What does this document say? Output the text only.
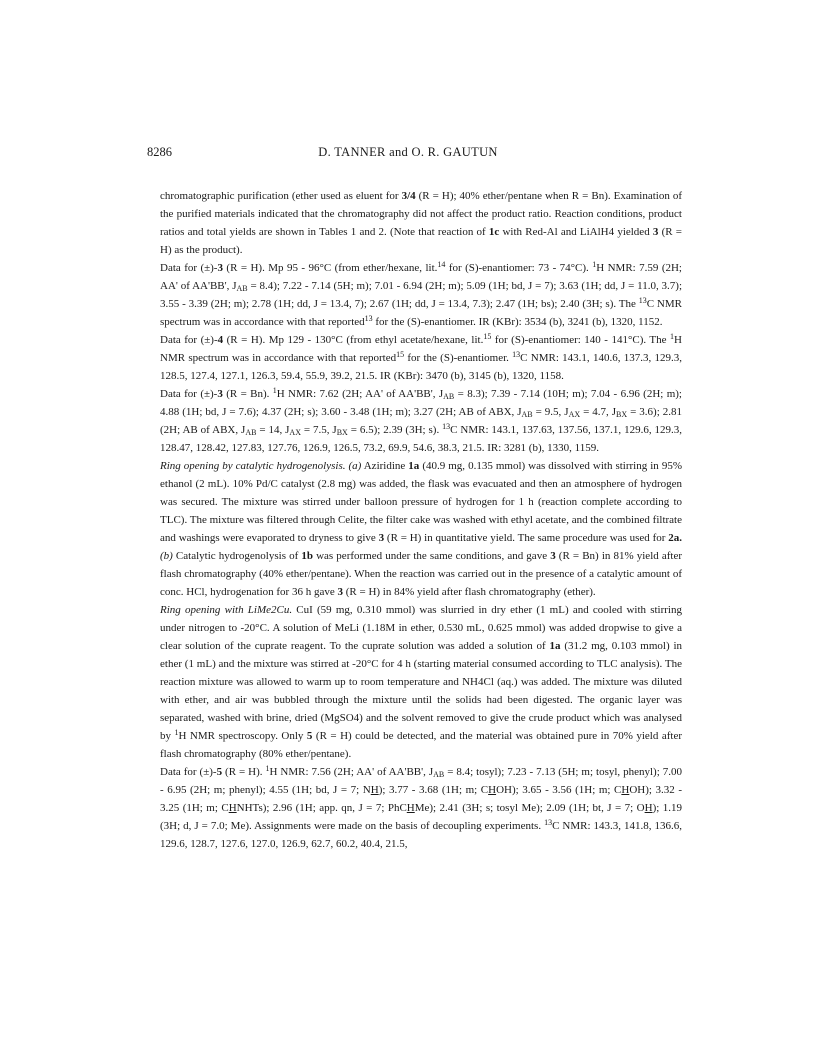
8286	D. TANNER and O. R. GAUTUN

chromatographic purification (ether used as eluent for 3/4 (R = H); 40% ether/pentane when R = Bn). Examination of the purified materials indicated that the chromatography did not affect the product ratio. Reaction conditions, product ratios and total yields are shown in Tables 1 and 2. (Note that reaction of 1c with Red-Al and LiAlH4 yielded 3 (R = H) as the product).

Data for (±)-3 (R = H). Mp 95 - 96°C (from ether/hexane, lit.$^{14}$ for (S)-enantiomer: 73 - 74°C). $^1$H NMR: 7.59 (2H; AA' of AA'BB', $J_{AB} = 8.4$); 7.22 - 7.14 (5H; m); 7.01 - 6.94 (2H; m); 5.09 (1H; bd, J = 7); 3.63 (1H; dd, J = 11.0, 3.7); 3.55 - 3.39 (2H; m); 2.78 (1H; dd, J = 13.4, 7); 2.67 (1H; dd, J = 13.4, 7.3); 2.47 (1H; bs); 2.40 (3H; s). The $^{13}$C NMR spectrum was in accordance with that reported$^{13}$ for the (S)-enantiomer. IR (KBr): 3534 (b), 3241 (b), 1320, 1152.

Data for (±)-4 (R = H). Mp 129 - 130°C (from ethyl acetate/hexane, lit.$^{15}$ for (S)-enantiomer: 140 - 141°C). The $^1$H NMR spectrum was in accordance with that reported$^{15}$ for the (S)-enantiomer. $^{13}$C NMR: 143.1, 140.6, 137.3, 129.3, 128.5, 127.4, 127.1, 126.3, 59.4, 55.9, 39.2, 21.5. IR (KBr): 3470 (b), 3145 (b), 1320, 1158.

Data for (±)-3 (R = Bn). $^1$H NMR: 7.62 (2H; AA' of AA'BB', $J_{AB} = 8.3$); 7.39 - 7.14 (10H; m); 7.04 - 6.96 (2H; m); 4.88 (1H; bd, J = 7.6); 4.37 (2H; s); 3.60 - 3.48 (1H; m); 3.27 (2H; AB of ABX, $J_{AB} = 9.5$, $J_{AX} = 4.7$, $J_{BX} = 3.6$); 2.81 (2H; AB of ABX, $J_{AB} = 14$, $J_{AX} = 7.5$, $J_{BX} = 6.5$); 2.39 (3H; s). $^{13}$C NMR: 143.1, 137.63, 137.56, 137.1, 129.6, 129.3, 128.47, 128.42, 127.83, 127.76, 126.9, 126.5, 73.2, 69.9, 54.6, 38.3, 21.5. IR: 3281 (b), 1330, 1159.

Ring opening by catalytic hydrogenolysis. (a) Aziridine 1a (40.9 mg, 0.135 mmol) was dissolved with stirring in 95% ethanol (2 mL). 10% Pd/C catalyst (2.8 mg) was added, the flask was evacuated and then an atmosphere of hydrogen was secured. The mixture was stirred under balloon pressure of hydrogen for 1 h (reaction complete according to TLC). The mixture was filtered through Celite, the filter cake was washed with ethyl acetate, and the combined filtrate and washings were evaporated to dryness to give 3 (R = H) in quantitative yield. The same procedure was used for 2a. (b) Catalytic hydrogenolysis of 1b was performed under the same conditions, and gave 3 (R = Bn) in 81% yield after flash chromatography (40% ether/pentane). When the reaction was carried out in the presence of a catalytic amount of conc. HCl, hydrogenation for 36 h gave 3 (R = H) in 84% yield after flash chromatography (ether).

Ring opening with LiMe2Cu. CuI (59 mg, 0.310 mmol) was slurried in dry ether (1 mL) and cooled with stirring under nitrogen to -20°C. A solution of MeLi (1.18M in ether, 0.530 mL, 0.625 mmol) was added dropwise to give a clear solution of the cuprate reagent. To the cuprate solution was added a solution of 1a (31.2 mg, 0.103 mmol) in ether (1 mL) and the mixture was stirred at -20°C for 4 h (starting material consumed according to TLC analysis). The reaction mixture was allowed to warm up to room temperature and NH4Cl (aq.) was added. The mixture was diluted with ether, and air was bubbled through the mixture until the solids had been digested. The organic layer was separated, washed with brine, dried (MgSO4) and the solvent removed to give the crude product which was analysed by $^1$H NMR spectroscopy. Only 5 (R = H) could be detected, and the material was obtained pure in 70% yield after flash chromatography (80% ether/pentane).

Data for (±)-5 (R = H). $^1$H NMR: 7.56 (2H; AA' of AA'BB', $J_{AB} = 8.4$; tosyl); 7.23 - 7.13 (5H; m; tosyl, phenyl); 7.00 - 6.95 (2H; m; phenyl); 4.55 (1H; bd, J = 7; NH); 3.77 - 3.68 (1H; m; CHOH); 3.65 - 3.56 (1H; m; CHOH); 3.32 - 3.25 (1H; m; CHNHTs); 2.96 (1H; app. qn, J = 7; PhCHMe); 2.41 (3H; s; tosyl Me); 2.09 (1H; bt, J = 7; OH); 1.19 (3H; d, J = 7.0; Me). Assignments were made on the basis of decoupling experiments. $^{13}$C NMR: 143.3, 141.8, 136.6, 129.6, 128.7, 127.6, 127.0, 126.9, 62.7, 60.2, 40.4, 21.5,
